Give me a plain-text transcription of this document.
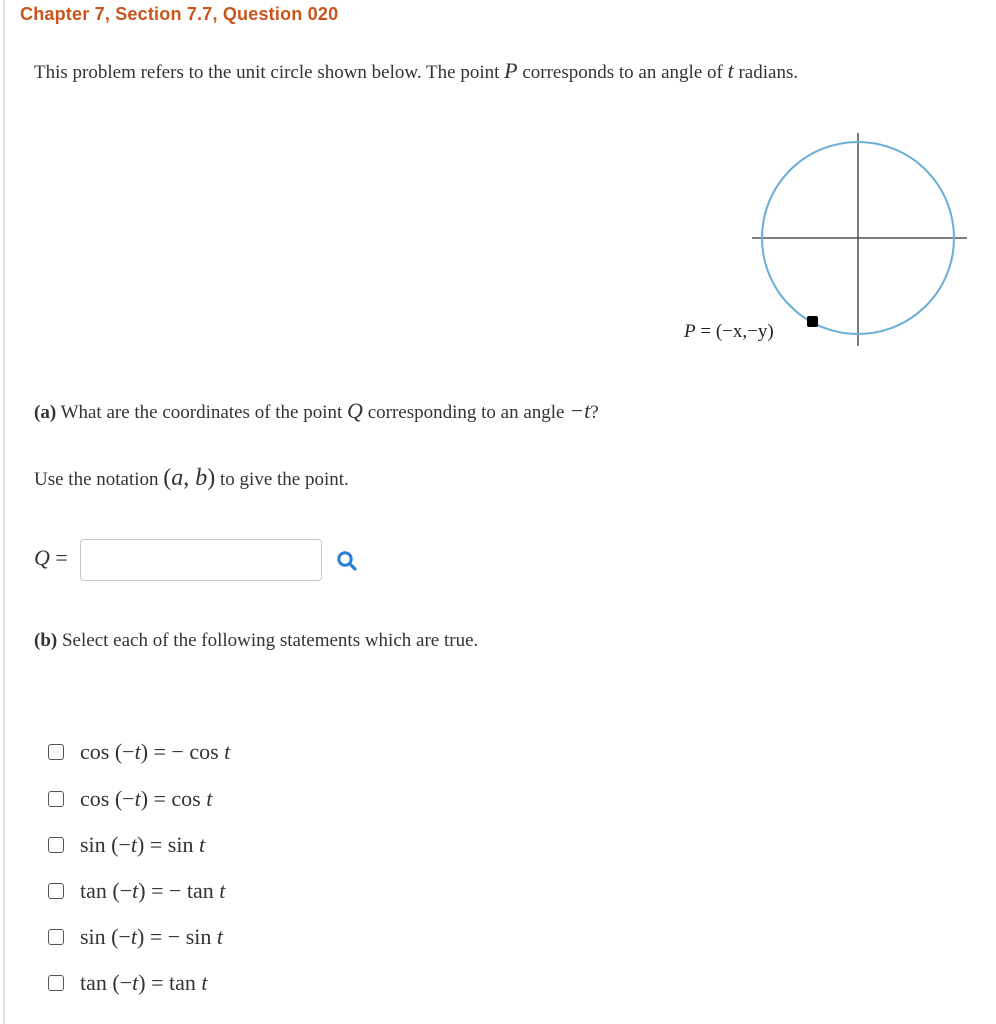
Chapter 7, Section 7.7, Question 020
This problem refers to the unit circle shown below. The point P corresponds to an angle of t radians.
P = (−x,−y)
(a) What are the coordinates of the point Q corresponding to an angle −t?
Use the notation (a, b) to give the point.
Q =
(b) Select each of the following statements which are true.
cos (−t) = − cos t
cos (−t) = cos t
sin (−t) = sin t
tan (−t) = − tan t
sin (−t) = − sin t
tan (−t) = tan t
